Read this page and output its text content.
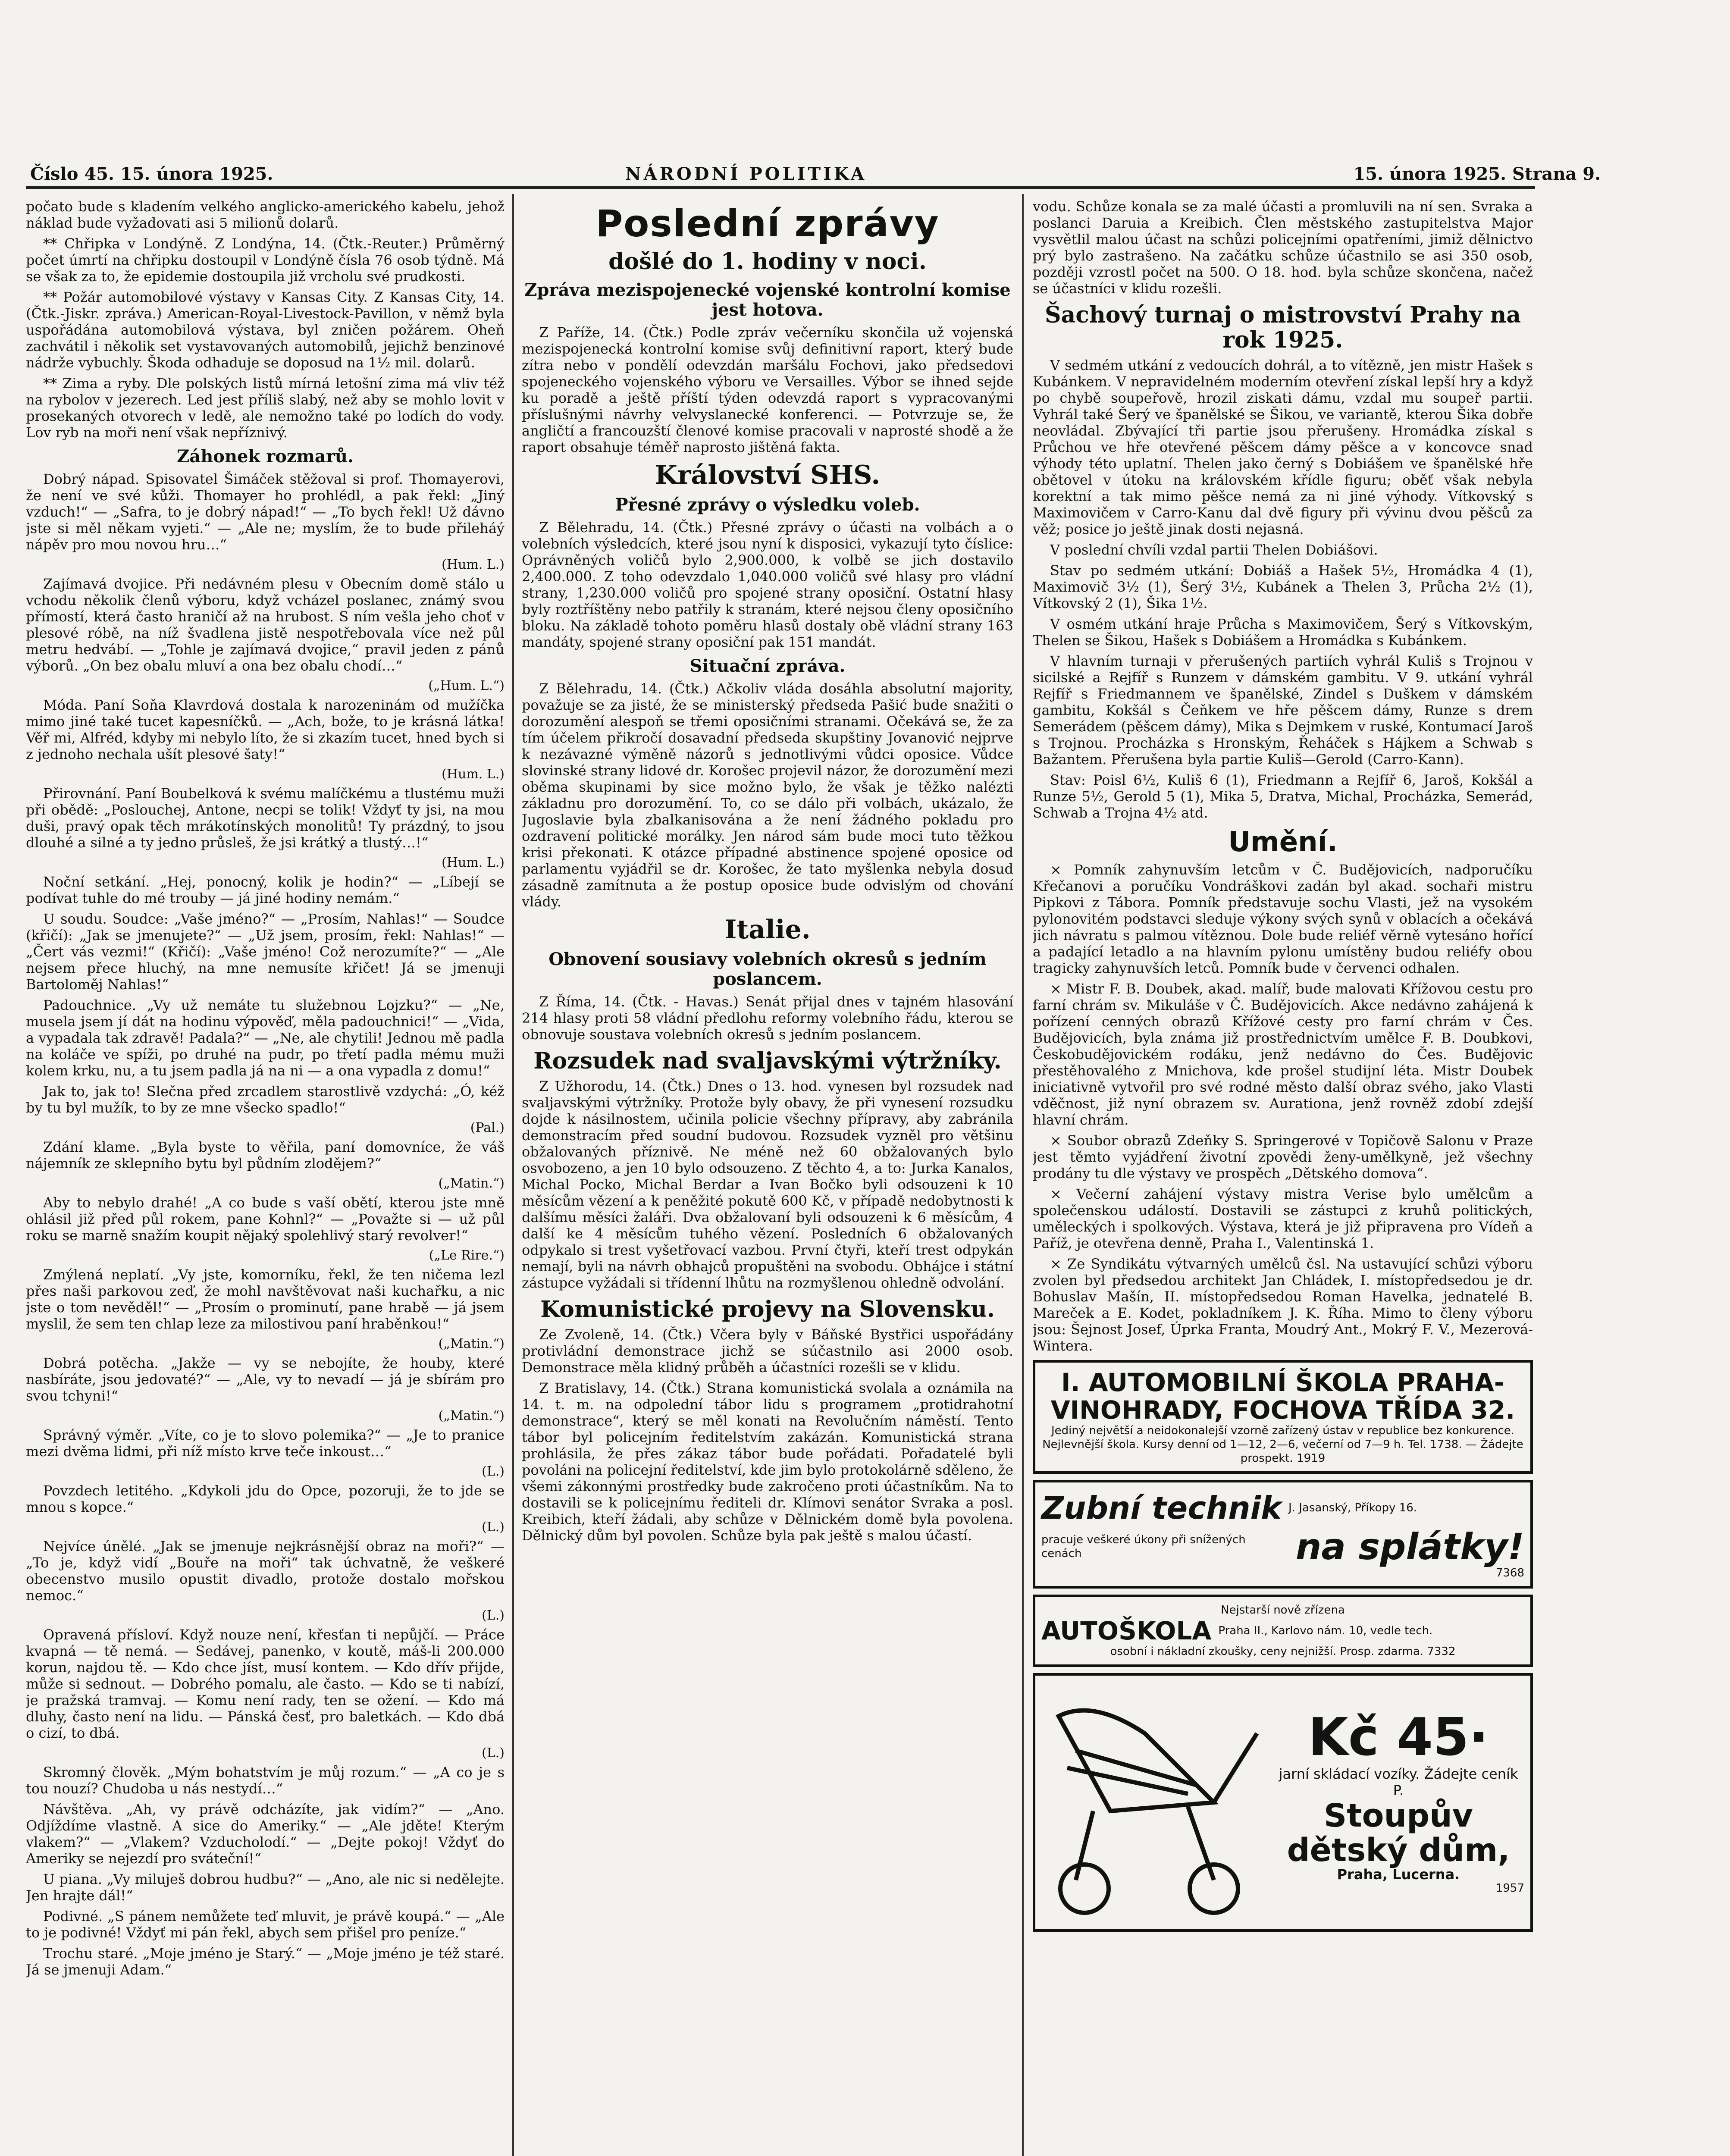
Číslo 45. 15. února 1925.	NÁRODNÍ POLITIKA	15. února 1925. Strana 9.

počato bude s kladením velkého anglicko-amerického kabelu, jehož náklad bude vyžadovati asi 5 milionů dolarů.

** Chřipka v Londýně. Z Londýna, 14. (Čtk.-Reuter.) Průměrný počet úmrtí na chřipku dostoupil v Londýně čísla 76 osob týdně. Má se však za to, že epidemie dostoupila již vrcholu své prudkosti.

** Požár automobilové výstavy v Kansas City. Z Kansas City, 14. (Čtk.-Jiskr. zpráva.) American-Royal-Livestock-Pavillon, v němž byla uspořádána automobilová výstava, byl zničen požárem. Oheň zachvátil i několik set vystavovaných automobilů, jejichž benzinové nádrže vybuchly. Škoda odhaduje se doposud na 1½ mil. dolarů.

** Zima a ryby. Dle polských listů mírná letošní zima má vliv též na rybolov v jezerech. Led jest příliš slabý, než aby se mohlo lovit v prosekaných otvorech v ledě, ale nemožno také po lodích do vody. Lov ryb na moři není však nepříznivý.

Záhonek rozmarů.

Dobrý nápad. Spisovatel Šimáček stěžoval si prof. Thomayerovi, že není ve své kůži. Thomayer ho prohlédl, a pak řekl: „Jiný vzduch!“ — „Safra, to je dobrý nápad!“ — „To bych řekl! Už dávno jste si měl někam vyjeti.“ — „Ale ne; myslím, že to bude přileháý nápěv pro mou novou hru…“

(Hum. L.)

Zajímavá dvojice. Při nedávném plesu v Obecním domě stálo u vchodu několik členů výboru, když vcházel poslanec, známý svou přímostí, která často hraničí až na hrubost. S ním vešla jeho choť v plesové róbě, na níž švadlena jistě nespotřebovala více než půl metru hedvábí. — „Tohle je zajímavá dvojice,“ pravil jeden z pánů výborů. „On bez obalu mluví a ona bez obalu chodí…“

(„Hum. L.“)

Móda. Paní Soňa Klavrdová dostala k narozeninám od mužíčka mimo jiné také tucet kapesníčků. — „Ach, bože, to je krásná látka! Věř mi, Alfréd, kdyby mi nebylo líto, že si zkazím tucet, hned bych si z jednoho nechala ušít plesové šaty!“

(Hum. L.)

Přirovnání. Paní Boubelková k svému malíčkému a tlustému muži při obědě: „Poslouchej, Antone, necpi se tolik! Vždyť ty jsi, na mou duši, pravý opak těch mrákotínských monolitů! Ty prázdný, to jsou dlouhé a silné a ty jedno průsleš, že jsi krátký a tlustý…!“

(Hum. L.)

Noční setkání. „Hej, ponocný, kolik je hodin?“ — „Líbejí se podívat tuhle do mé trouby — já jiné hodiny nemám.“

U soudu. Soudce: „Vaše jméno?“ — „Prosím, Nahlas!“ — Soudce (křičí): „Jak se jmenujete?“ — „Už jsem, prosím, řekl: Nahlas!“ — „Čert vás vezmi!“ (Křičí): „Vaše jméno! Což nerozumíte?“ — „Ale nejsem přece hluchý, na mne nemusíte křičet! Já se jmenuji Bartoloměj Nahlas!“

Padouchnice. „Vy už nemáte tu služebnou Lojzku?“ — „Ne, musela jsem jí dát na hodinu výpověď, měla padouchnici!“ — „Vida, a vypadala tak zdravě! Padala?“ — „Ne, ale chytili! Jednou mě padla na koláče ve spíži, po druhé na pudr, po třetí padla mému muži kolem krku, nu, a tu jsem padla já na ni — a ona vypadla z domu!“

Jak to, jak to! Slečna před zrcadlem starostlivě vzdychá: „Ó, kéž by tu byl mužík, to by ze mne všecko spadlo!“

(Pal.)

Zdání klame. „Byla byste to věřila, paní domovníce, že váš nájemník ze sklepního bytu byl půdním zlodějem?“

(„Matin.“)

Aby to nebylo drahé! „A co bude s vaší obětí, kterou jste mně ohlásil již před půl rokem, pane Kohnl?“ — „Považte si — už půl roku se marně snažím koupit nějaký spolehlivý starý revolver!“

(„Le Rire.“)

Zmýlená neplatí. „Vy jste, komorníku, řekl, že ten ničema lezl přes naši parkovou zeď, že mohl navštěvovat naši kuchařku, a nic jste o tom nevěděl!“ — „Prosím o prominutí, pane hrabě — já jsem myslil, že sem ten chlap leze za milostivou paní hraběnkou!“

(„Matin.“)

Dobrá potěcha. „Jakže — vy se nebojíte, že houby, které nasbíráte, jsou jedovaté?“ — „Ale, vy to nevadí — já je sbírám pro svou tchyni!“

(„Matin.“)

Správný výměr. „Víte, co je to slovo polemika?“ — „Je to pranice mezi dvěma lidmi, při níž místo krve teče inkoust…“

(L.)

Povzdech letitého. „Kdykoli jdu do Opce, pozoruji, že to jde se mnou s kopce.“

(L.)

Nejvíce únělé. „Jak se jmenuje nejkrásnější obraz na moři?“ — „To je, když vidí „Bouře na moři“ tak úchvatně, že veškeré obecenstvo musilo opustit divadlo, protože dostalo mořskou nemoc.“

(L.)

Opravená přísloví. Když nouze není, křesťan ti nepůjčí. — Práce kvapná — tě nemá. — Sedávej, panenko, v koutě, máš-li 200.000 korun, najdou tě. — Kdo chce jíst, musí kontem. — Kdo dřív přijde, může si sednout. — Dobrého pomalu, ale často. — Kdo se ti nabízí, je pražská tramvaj. — Komu není rady, ten se ožení. — Kdo má dluhy, často není na lidu. — Pánská česť, pro baletkách. — Kdo dbá o cizí, to dbá.

(L.)

Skromný člověk. „Mým bohatstvím je můj rozum.“ — „A co je s tou nouzí? Chudoba u nás nestydí…“

Návštěva. „Ah, vy právě odcházíte, jak vidím?“ — „Ano. Odjíždíme vlastně. A sice do Ameriky.“ — „Ale jděte! Kterým vlakem?“ — „Vlakem? Vzducholodí.“ — „Dejte pokoj! Vždyť do Ameriky se nejezdí pro sváteční!“

U piana. „Vy miluješ dobrou hudbu?“ — „Ano, ale nic si nedělejte. Jen hrajte dál!“

Podivné. „S pánem nemůžete teď mluvit, je právě koupá.“ — „Ale to je podivné! Vždyť mi pán řekl, abych sem přišel pro peníze.“

Trochu staré. „Moje jméno je Starý.“ — „Moje jméno je též staré. Já se jmenuji Adam.“

Poslední zprávy
došlé do 1. hodiny v noci.
Zpráva mezispojenecké vojenské kontrolní komise jest hotova.

Z Paříže, 14. (Čtk.) Podle zpráv večerníku skončila už vojenská mezispojenecká kontrolní komise svůj definitivní raport, který bude zítra nebo v pondělí odevzdán maršálu Fochovi, jako předsedovi spojeneckého vojenského výboru ve Versailles. Výbor se ihned sejde ku poradě a ještě příští týden odevzdá raport s vypracovanými příslušnými návrhy velvyslanecké konferenci. — Potvrzuje se, že angličtí a francouzští členové komise pracovali v naprosté shodě a že raport obsahuje téměř naprosto jištěná fakta.

Království SHS.
Přesné zprávy o výsledku voleb.

Z Bělehradu, 14. (Čtk.) Přesné zprávy o účasti na volbách a o volebních výsledcích, které jsou nyní k disposici, vykazují tyto číslice: Oprávněných voličů bylo 2,900.000, k volbě se jich dostavilo 2,400.000. Z toho odevzdalo 1,040.000 voličů své hlasy pro vládní strany, 1,230.000 voličů pro spojené strany oposiční. Ostatní hlasy byly roztříštěny nebo patřily k stranám, které nejsou členy oposičního bloku. Na základě tohoto poměru hlasů dostaly obě vládní strany 163 mandáty, spojené strany oposiční pak 151 mandát.

Situační zpráva.

Z Bělehradu, 14. (Čtk.) Ačkoliv vláda dosáhla absolutní majority, považuje se za jisté, že se ministerský předseda Pašić bude snažiti o dorozumění alespoň se třemi oposičními stranami. Očekává se, že za tím účelem přikročí dosavadní předseda skupštiny Jovanović nejprve k nezávazné výměně názorů s jednotlivými vůdci oposice. Vůdce slovinské strany lidové dr. Korošec projevil názor, že dorozumění mezi oběma skupinami by sice možno bylo, že však je těžko nalézti základnu pro dorozumění. To, co se dálo při volbách, ukázalo, že Jugoslavie byla zbalkanisována a že není žádného pokladu pro ozdravení politické morálky. Jen národ sám bude moci tuto těžkou krisi překonati. K otázce případné abstinence spojené oposice od parlamentu vyjádřil se dr. Korošec, že tato myšlenka nebyla dosud zásadně zamítnuta a že postup oposice bude odvislým od chování vlády.

Italie.
Obnovení sousiavy volebních okresů s jedním poslancem.

Z Říma, 14. (Čtk. - Havas.) Senát přijal dnes v tajném hlasování 214 hlasy proti 58 vládní předlohu reformy volebního řádu, kterou se obnovuje soustava volebních okresů s jedním poslancem.

Rozsudek nad svaljavskými výtržníky.

Z Užhorodu, 14. (Čtk.) Dnes o 13. hod. vynesen byl rozsudek nad svaljavskými výtržníky. Protože byly obavy, že při vynesení rozsudku dojde k násilnostem, učinila policie všechny přípravy, aby zabránila demonstracím před soudní budovou. Rozsudek vyzněl pro většinu obžalovaných příznivě. Ne méně než 60 obžalovaných bylo osvobozeno, a jen 10 bylo odsouzeno. Z těchto 4, a to: Jurka Kanalos, Michal Pocko, Michal Berdar a Ivan Bočko byli odsouzeni k 10 měsícům vězení a k peněžité pokutě 600 Kč, v případě nedobytnosti k dalšímu měsíci žaláři. Dva obžalovaní byli odsouzeni k 6 měsícům, 4 další ke 4 měsícům tuhého vězení. Posledních 6 obžalovaných odpykalo si trest vyšetřovací vazbou. První čtyři, kteří trest odpykán nemají, byli na návrh obhajců propuštěni na svobodu. Obhájce i státní zástupce vyžádali si třídenní lhůtu na rozmyšlenou ohledně odvolání.

Komunistické projevy na Slovensku.

Ze Zvoleně, 14. (Čtk.) Včera byly v Báňské Bystřici uspořádány protivládní demonstrace jichž se súčastnilo asi 2000 osob. Demonstrace měla klidný průběh a účastníci rozešli se v klidu.

Z Bratislavy, 14. (Čtk.) Strana komunistická svolala a oznámila na 14. t. m. na odpolední tábor lidu s programem „protidrahotní demonstrace“, který se měl konati na Revolučním náměstí. Tento tábor byl policejním ředitelstvím zakázán. Komunistická strana prohlásila, že přes zákaz tábor bude pořádati. Pořadatelé byli povoláni na policejní ředitelství, kde jim bylo protokolárně sděleno, že všemi zákonnými prostředky bude zakročeno proti účastníkům. Na to dostavili se k policejnímu řediteli dr. Klímovi senátor Svraka a posl. Kreibich, kteří žádali, aby schůze v Dělnickém domě byla povolena. Dělnický dům byl povolen. Schůze byla pak ještě s malou účastí.

vodu. Schůze konala se za malé účasti a promluvili na ní sen. Svraka a poslanci Daruia a Kreibich. Člen městského zastupitelstva Major vysvětlil malou účast na schůzi policejními opatřeními, jimiž dělnictvo prý bylo zastrašeno. Na začátku schůze účastnilo se asi 350 osob, později vzrostl počet na 500. O 18. hod. byla schůze skončena, načež se účastníci v klidu rozešli.

Šachový turnaj o mistrovství Prahy na rok 1925.

V sedmém utkání z vedoucích dohrál, a to vítězně, jen mistr Hašek s Kubánkem. V nepravidelném moderním otevření získal lepší hry a když po chybě soupeřově, hrozil ziskati dámu, vzdal mu soupeř partii. Vyhrál také Šerý ve španělské se Šikou, ve variantě, kterou Šika dobře neovládal. Zbývající tři partie jsou přerušeny. Hromádka získal s Průchou ve hře otevřené pěšcem dámy pěšce a v koncovce snad výhody této uplatní. Thelen jako černý s Dobiášem ve španělské hře obětovel v útoku na královském křídle figuru; oběť však nebyla korektní a tak mimo pěšce nemá za ni jiné výhody. Vítkovský s Maximovičem v Carro-Kanu dal dvě figury při vývinu dvou pěšců za věž; posice jo ještě jinak dosti nejasná.

V poslední chvíli vzdal partii Thelen Dobiášovi.

Stav po sedmém utkání: Dobiáš a Hašek 5½, Hromádka 4 (1), Maximovič 3½ (1), Šerý 3½, Kubánek a Thelen 3, Průcha 2½ (1), Vítkovský 2 (1), Šika 1½.

V osmém utkání hraje Průcha s Maximovičem, Šerý s Vítkovským, Thelen se Šikou, Hašek s Dobiášem a Hromádka s Kubánkem.

V hlavním turnaji v přerušených partiích vyhrál Kuliš s Trojnou v sicilské a Rejfíř s Runzem v dámském gambitu. V 9. utkání vyhrál Rejfíř s Friedmannem ve španělské, Zindel s Duškem v dámském gambitu, Kokšál s Čeňkem ve hře pěšcem dámy, Runze s drem Semerádem (pěšcem dámy), Mika s Dejmkem v ruské, Kontumací Jaroš s Trojnou. Procházka s Hronským, Řeháček s Hájkem a Schwab s Bažantem. Přerušena byla partie Kuliš—Gerold (Carro-Kann).

Stav: Poisl 6½, Kuliš 6 (1), Friedmann a Rejfíř 6, Jaroš, Kokšál a Runze 5½, Gerold 5 (1), Mika 5, Dratva, Michal, Procházka, Semerád, Schwab a Trojna 4½ atd.

Umění.

× Pomník zahynuvším letcům v Č. Budějovicích, nadporučíku Křečanovi a poručíku Vondráškovi zadán byl akad. sochaři mistru Pipkovi z Tábora. Pomník představuje sochu Vlasti, jež na vysokém pylonovitém podstavci sleduje výkony svých synů v oblacích a očekává jich návratu s palmou vítěznou. Dole bude reliéf věrně vytesáno hořící a padající letadlo a na hlavním pylonu umístěny budou reliéfy obou tragicky zahynuvších letců. Pomník bude v červenci odhalen.

× Mistr F. B. Doubek, akad. malíř, bude malovati Křížovou cestu pro farní chrám sv. Mikuláše v Č. Budějovicích. Akce nedávno zahájená k pořízení cenných obrazů Křížové cesty pro farní chrám v Čes. Budějovicích, byla známa již prostřednictvím umělce F. B. Doubkovi, Českobudějovickém rodáku, jenž nedávno do Čes. Budějovic přestěhovalého z Mnichova, kde prošel studijní léta. Mistr Doubek iniciativně vytvořil pro své rodné město další obraz svého, jako Vlasti vděčnost, již nyní obrazem sv. Aurationa, jenž rovněž zdobí zdejší hlavní chrám.

× Soubor obrazů Zdeňky S. Springerové v Topičově Salonu v Praze jest těmto vyjádření životní zpovědi ženy-umělkyně, jež všechny prodány tu dle výstavy ve prospěch „Dětského domova“.

× Večerní zahájení výstavy mistra Verise bylo umělcům a společenskou událostí. Dostavili se zástupci z kruhů politických, uměleckých i spolkových. Výstava, která je již připravena pro Vídeň a Paříž, je otevřena denně, Praha I., Valentinská 1.

× Ze Syndikátu výtvarných umělců čsl. Na ustavující schůzi výboru zvolen byl předsedou architekt Jan Chládek, I. místopředsedou je dr. Bohuslav Mašín, II. místopředsedou Roman Havelka, jednatelé B. Mareček a E. Kodet, pokladníkem J. K. Říha. Mimo to členy výboru jsou: Šejnost Josef, Úprka Franta, Moudrý Ant., Mokrý F. V., Mezerová-Wintera.

I. AUTOMOBILNÍ ŠKOLA PRAHA-VINOHRADY, FOCHOVA TŘÍDA 32.
Jediný největší a neidokonalejší vzorně zařízený ústav v republice bez konkurence. Nejlevnější škola. Kursy denní od 1—12, 2—6, večerní od 7—9 h. Tel. 1738. — Žádejte prospekt. 1919
Zubní technik J. Jasanský, Příkopy 16.
pracuje veškeré úkony při snížených cenách	na splátky!
7368
Nejstarší nově zřízena
AUTOŠKOLA Praha II., Karlovo nám. 10, vedle tech.
osobní i nákladní zkoušky, ceny nejnižší. Prosp. zdarma. 7332
Kč 45·
jarní skládací vozíky. Žádejte ceník P.
Stoupův dětský dům,
Praha, Lucerna.
1957
